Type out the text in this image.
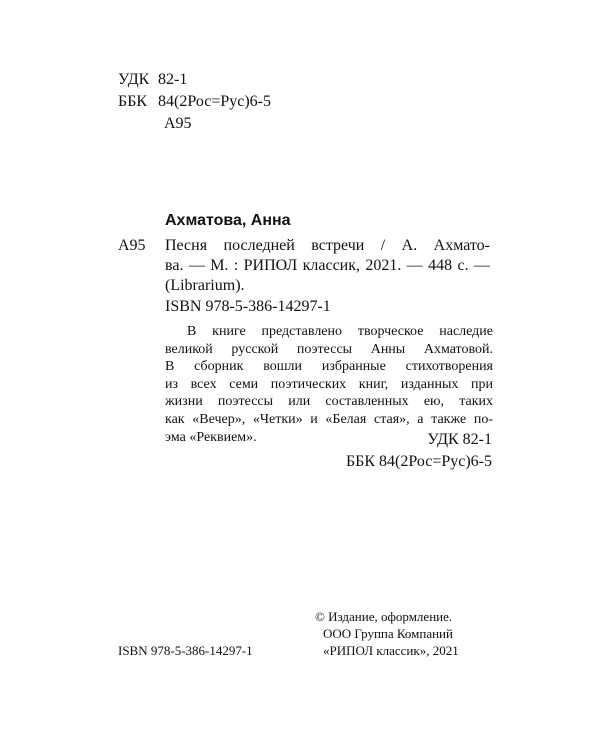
УДК 82-1
ББК 84(2Рос=Рус)6-5
А95
Ахматова, Анна
А95 Песня последней встречи / А. Ахмато-
ва. — М. : РИПОЛ классик, 2021. — 448 с. —
(Librarium).
ISBN 978-5-386-14297-1
В книге представлено творческое наследие
великой русской поэтессы Анны Ахматовой.
В сборник вошли избранные стихотворения
из всех семи поэтических книг, изданных при
жизни поэтессы или составленных ею, таких
как «Вечер», «Четки» и «Белая стая», а также по-
эма «Реквием».	УДК 82-1
ББК 84(2Рос=Рус)6-5
© Издание, оформление.
ООО Группа Компаний
«РИПОЛ классик», 2021
ISBN 978-5-386-14297-1
